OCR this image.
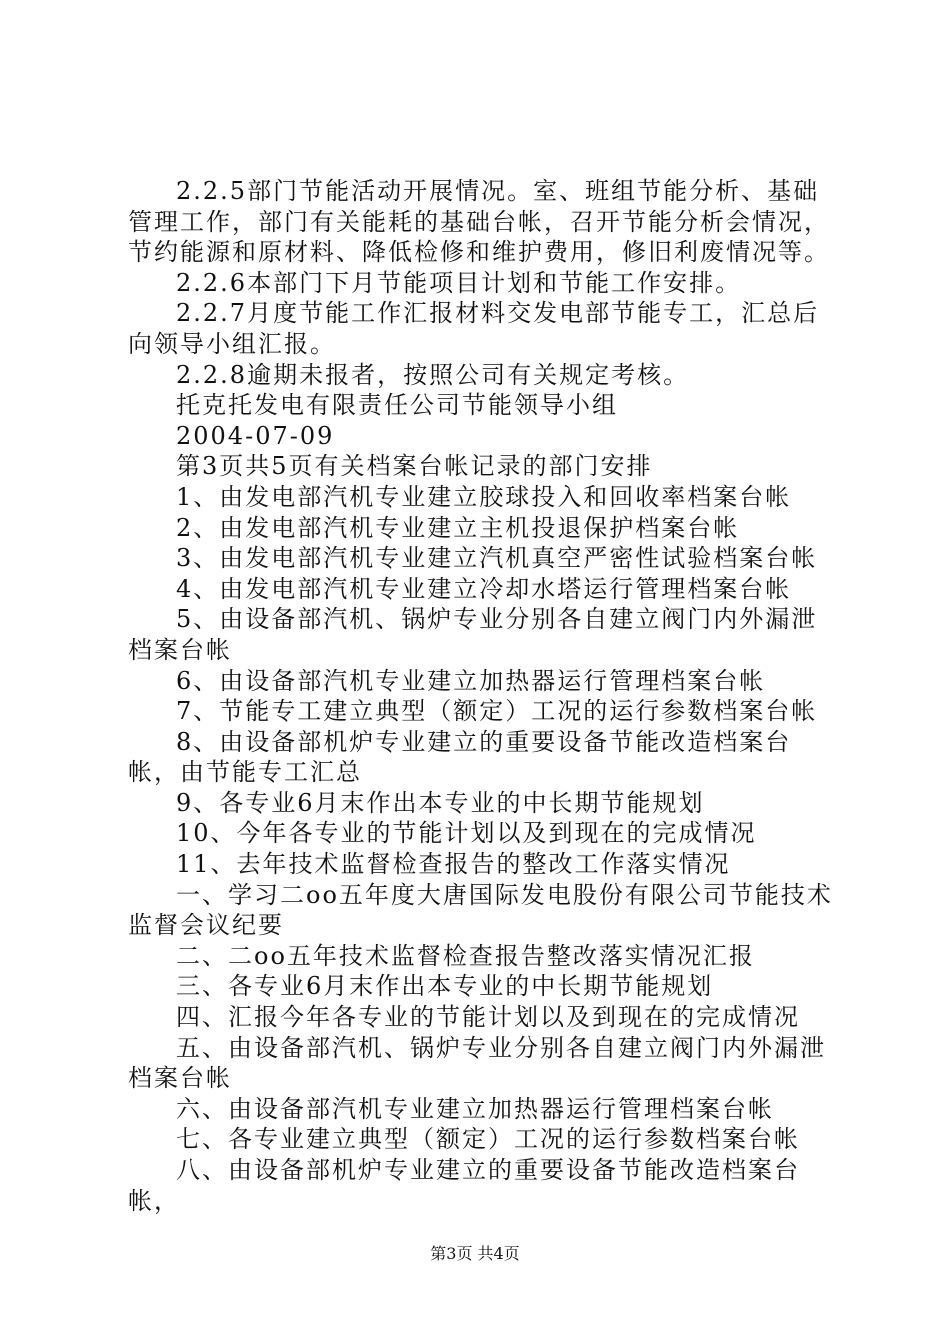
2.2.5部门节能活动开展情况。室、班组节能分析、基础管理工作，部门有关能耗的基础台帐，召开节能分析会情况，节约能源和原材料、降低检修和维护费用，修旧利废情况等。

2.2.6本部门下月节能项目计划和节能工作安排。

2.2.7月度节能工作汇报材料交发电部节能专工，汇总后向领导小组汇报。

2.2.8逾期未报者，按照公司有关规定考核。

托克托发电有限责任公司节能领导小组

2004-07-09

第3页共5页有关档案台帐记录的部门安排

1、由发电部汽机专业建立胶球投入和回收率档案台帐

2、由发电部汽机专业建立主机投退保护档案台帐

3、由发电部汽机专业建立汽机真空严密性试验档案台帐

4、由发电部汽机专业建立冷却水塔运行管理档案台帐

5、由设备部汽机、锅炉专业分别各自建立阀门内外漏泄档案台帐

6、由设备部汽机专业建立加热器运行管理档案台帐

7、节能专工建立典型（额定）工况的运行参数档案台帐

8、由设备部机炉专业建立的重要设备节能改造档案台帐，由节能专工汇总

9、各专业6月末作出本专业的中长期节能规划

10、今年各专业的节能计划以及到现在的完成情况

11、去年技术监督检查报告的整改工作落实情况

一、学习二oo五年度大唐国际发电股份有限公司节能技术监督会议纪要

二、二oo五年技术监督检查报告整改落实情况汇报

三、各专业6月末作出本专业的中长期节能规划

四、汇报今年各专业的节能计划以及到现在的完成情况

五、由设备部汽机、锅炉专业分别各自建立阀门内外漏泄档案台帐

六、由设备部汽机专业建立加热器运行管理档案台帐

七、各专业建立典型（额定）工况的运行参数档案台帐

八、由设备部机炉专业建立的重要设备节能改造档案台帐，

第3页 共4页
